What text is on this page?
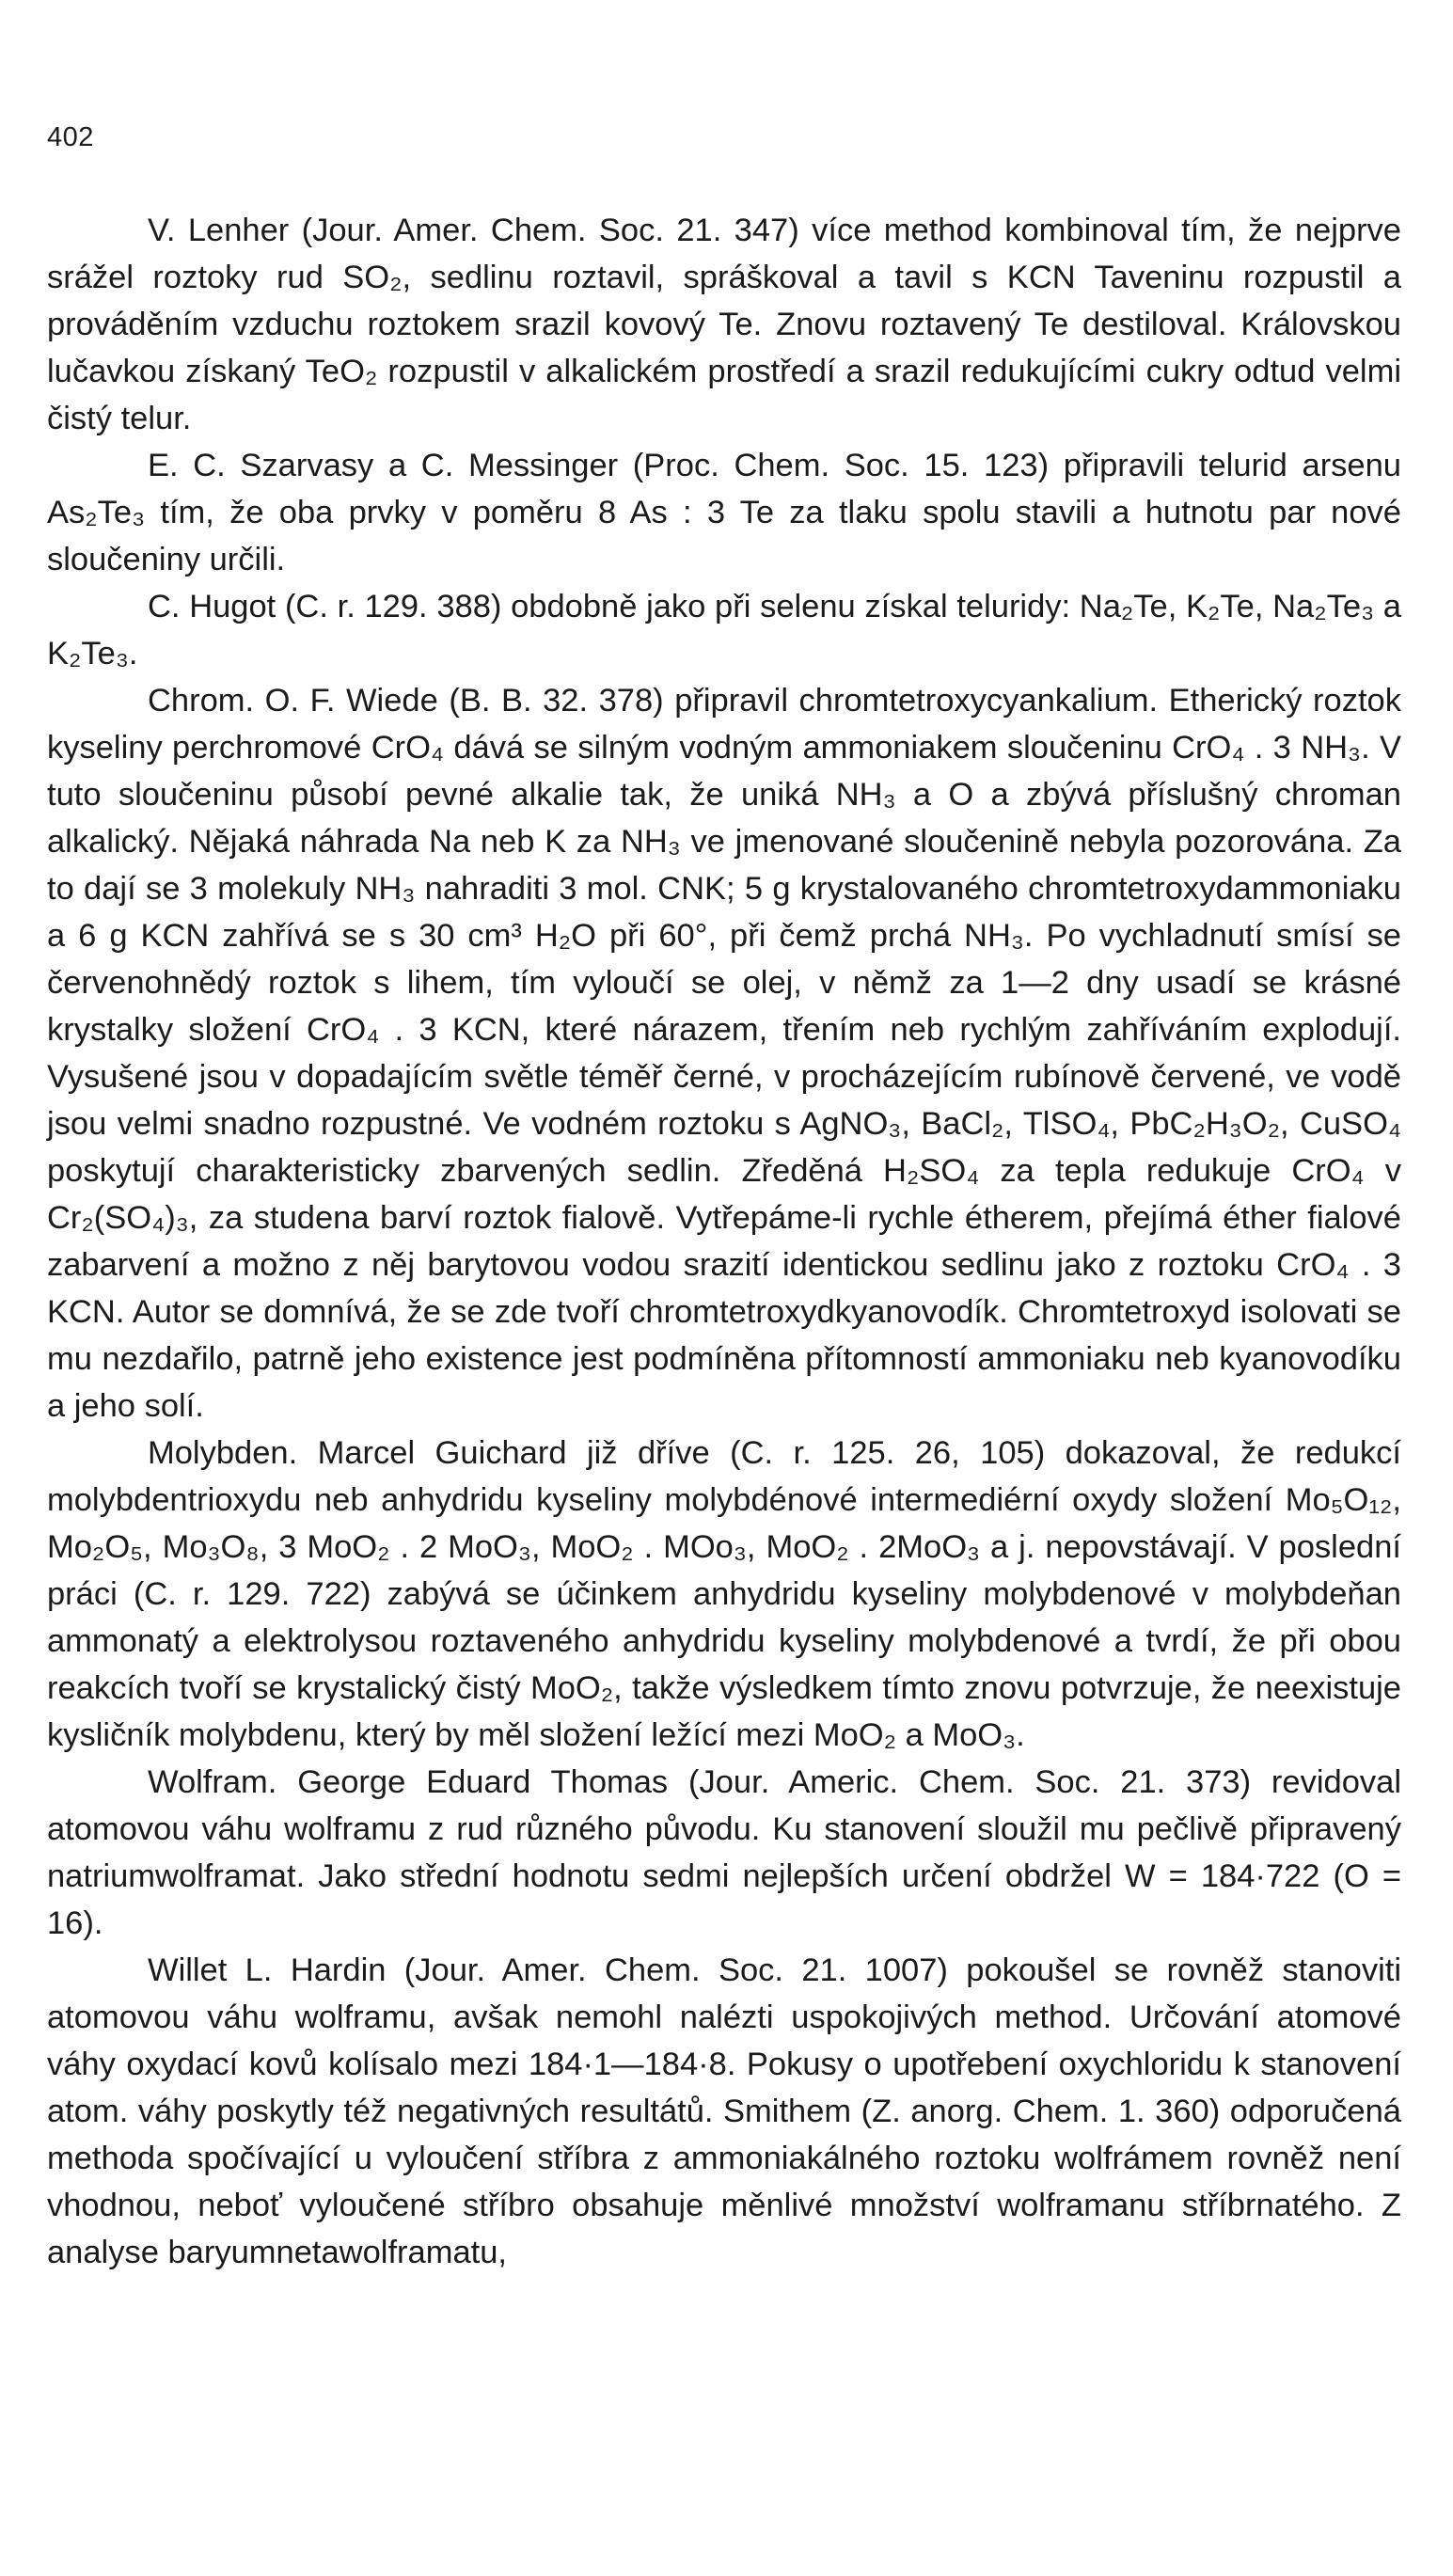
402

V. Lenher (Jour. Amer. Chem. Soc. 21. 347) více method kombinoval tím, že nejprve srážel roztoky rud SO₂, sedlinu roztavil, spráškoval a tavil s KCN Taveninu rozpustil a prováděním vzduchu roztokem srazil kovový Te. Znovu roztavený Te destiloval. Královskou lučavkou získaný TeO₂ rozpustil v alkalickém prostředí a srazil redukujícími cukry odtud velmi čistý telur.

E. C. Szarvasy a C. Messinger (Proc. Chem. Soc. 15. 123) připravili telurid arsenu As₂Te₃ tím, že oba prvky v poměru 8 As : 3 Te za tlaku spolu stavili a hutnotu par nové sloučeniny určili.

C. Hugot (C. r. 129. 388) obdobně jako při selenu získal teluridy: Na₂Te, K₂Te, Na₂Te₃ a K₂Te₃.

Chrom. O. F. Wiede (B. B. 32. 378) připravil chromtetroxycyankalium. Etherický roztok kyseliny perchromové CrO₄ dává se silným vodným ammoniakem sloučeninu CrO₄ . 3 NH₃. V tuto sloučeninu působí pevné alkalie tak, že uniká NH₃ a O a zbývá příslušný chroman alkalický. Nějaká náhrada Na neb K za NH₃ ve jmenované sloučenině nebyla pozorována. Za to dají se 3 molekuly NH₃ nahraditi 3 mol. CNK; 5 g krystalovaného chromtetroxydammoniaku a 6 g KCN zahřívá se s 30 cm³ H₂O při 60°, při čemž prchá NH₃. Po vychladnutí smísí se červenohnědý roztok s lihem, tím vyloučí se olej, v němž za 1—2 dny usadí se krásné krystalky složení CrO₄ . 3 KCN, které nárazem, třením neb rychlým zahříváním explodují. Vysušené jsou v dopadajícím světle téměř černé, v procházejícím rubínově červené, ve vodě jsou velmi snadno rozpustné. Ve vodném roztoku s AgNO₃, BaCl₂, TlSO₄, PbC₂H₃O₂, CuSO₄ poskytují charakteristicky zbarvených sedlin. Zředěná H₂SO₄ za tepla redukuje CrO₄ v Cr₂(SO₄)₃, za studena barví roztok fialově. Vytřepáme-li rychle étherem, přejímá éther fialové zabarvení a možno z něj barytovou vodou srazití identickou sedlinu jako z roztoku CrO₄ . 3 KCN. Autor se domnívá, že se zde tvoří chromtetroxydkyanovodík. Chromtetroxyd isolovati se mu nezdařilo, patrně jeho existence jest podmíněna přítomností ammoniaku neb kyanovodíku a jeho solí.

Molybden. Marcel Guichard již dříve (C. r. 125. 26, 105) dokazoval, že redukcí molybdentrioxydu neb anhydridu kyseliny molybdénové intermediérní oxydy složení Mo₅O₁₂, Mo₂O₅, Mo₃O₈, 3 MoO₂ . 2 MoO₃, MoO₂ . MOo₃, MoO₂ . 2MoO₃ a j. nepovstávají. V poslední práci (C. r. 129. 722) zabývá se účinkem anhydridu kyseliny molybdenové v molybdeňan ammonatý a elektrolysou roztaveného anhydridu kyseliny molybdenové a tvrdí, že při obou reakcích tvoří se krystalický čistý MoO₂, takže výsledkem tímto znovu potvrzuje, že neexistuje kysličník molybdenu, který by měl složení ležící mezi MoO₂ a MoO₃.

Wolfram. George Eduard Thomas (Jour. Americ. Chem. Soc. 21. 373) revidoval atomovou váhu wolframu z rud různého původu. Ku stanovení sloužil mu pečlivě připravený natriumwolframat. Jako střední hodnotu sedmi nejlepších určení obdržel W = 184·722 (O = 16).

Willet L. Hardin (Jour. Amer. Chem. Soc. 21. 1007) pokoušel se rovněž stanoviti atomovou váhu wolframu, avšak nemohl nalézti uspokojivých method. Určování atomové váhy oxydací kovů kolísalo mezi 184·1—184·8. Pokusy o upotřebení oxychloridu k stanovení atom. váhy poskytly též negativných resultátů. Smithem (Z. anorg. Chem. 1. 360) odporučená methoda spočívající u vyloučení stříbra z ammoniakálného roztoku wolfrámem rovněž není vhodnou, neboť vyloučené stříbro obsahuje měnlivé množství wolframanu stříbrnatého. Z analyse baryumnetawolframatu,
